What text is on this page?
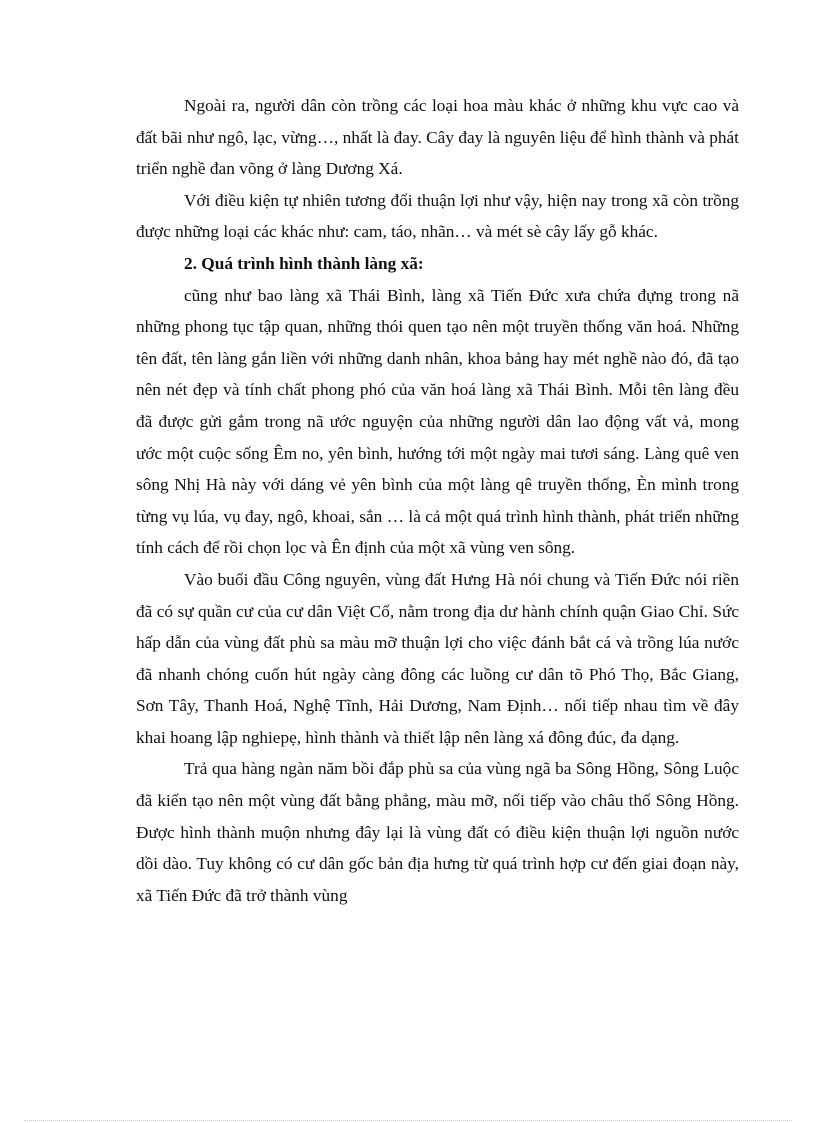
Ngoài ra, người dân còn trồng các loại hoa màu khác ở những khu vực cao và đất bãi như ngô, lạc, vừng…, nhất là đay. Cây đay là nguyên liệu để hình thành và phát triển nghề đan võng ở làng Dương Xá.

Với điều kiện tự nhiên tương đối thuận lợi như vậy, hiện nay trong xã còn trồng được những loại các khác như: cam, táo, nhãn… và mét sè cây lấy gỗ khác.

2. Quá trình hình thành làng xã:

cũng như bao làng xã Thái Bình, làng xã Tiến Đức xưa chứa đựng trong nã những phong tục tập quan, những thói quen tạo nên một truyền thống văn hoá. Những tên đất, tên làng gắn liền với những danh nhân, khoa bảng hay mét nghề nào đó, đã tạo nên nét đẹp và tính chất phong phó của văn hoá làng xã Thái Bình. Mỗi tên làng đều đã được gửi gắm trong nã ước nguyện của những người dân lao động vất vả, mong ước một cuộc sống Êm no, yên bình, hướng tới một ngày mai tươi sáng. Làng quê ven sông Nhị Hà này với dáng vẻ yên bình của một làng qê truyền thống, Èn mình trong từng vụ lúa, vụ đay, ngô, khoai, sắn … là cả một quá trình hình thành, phát triển những tính cách để rồi chọn lọc và Ên định của một xã vùng ven sông.

Vào buổi đầu Công nguyên, vùng đất Hưng Hà nói chung và Tiến Đức nói riền đã có sự quần cư của cư dân Việt Cổ, nằm trong địa dư hành chính quận Giao Chỉ. Sức hấp dẫn của vùng đất phù sa màu mỡ thuận lợi cho việc đánh bắt cá và trồng lúa nước đã nhanh chóng cuốn hút ngày càng đông các luồng cư dân tõ Phó Thọ, Bắc Giang, Sơn Tây, Thanh Hoá, Nghệ Tĩnh, Hải Dương, Nam Định… nối tiếp nhau tìm về đây khai hoang lập nghiepẹ, hình thành và thiết lập nên làng xá đông đúc, đa dạng.

Trả qua hàng ngàn năm bồi đắp phù sa của vùng ngã ba Sông Hồng, Sông Luộc đã kiến tạo nên một vùng đất bằng phẳng, màu mỡ, nối tiếp vào châu thổ Sông Hồng. Được hình thành muộn nhưng đây lại là vùng đất có điều kiện thuận lợi nguồn nước dồi dào. Tuy không có cư dân gốc bản địa hưng từ quá trình hợp cư đến giai đoạn này, xã Tiến Đức đã trở thành vùng
